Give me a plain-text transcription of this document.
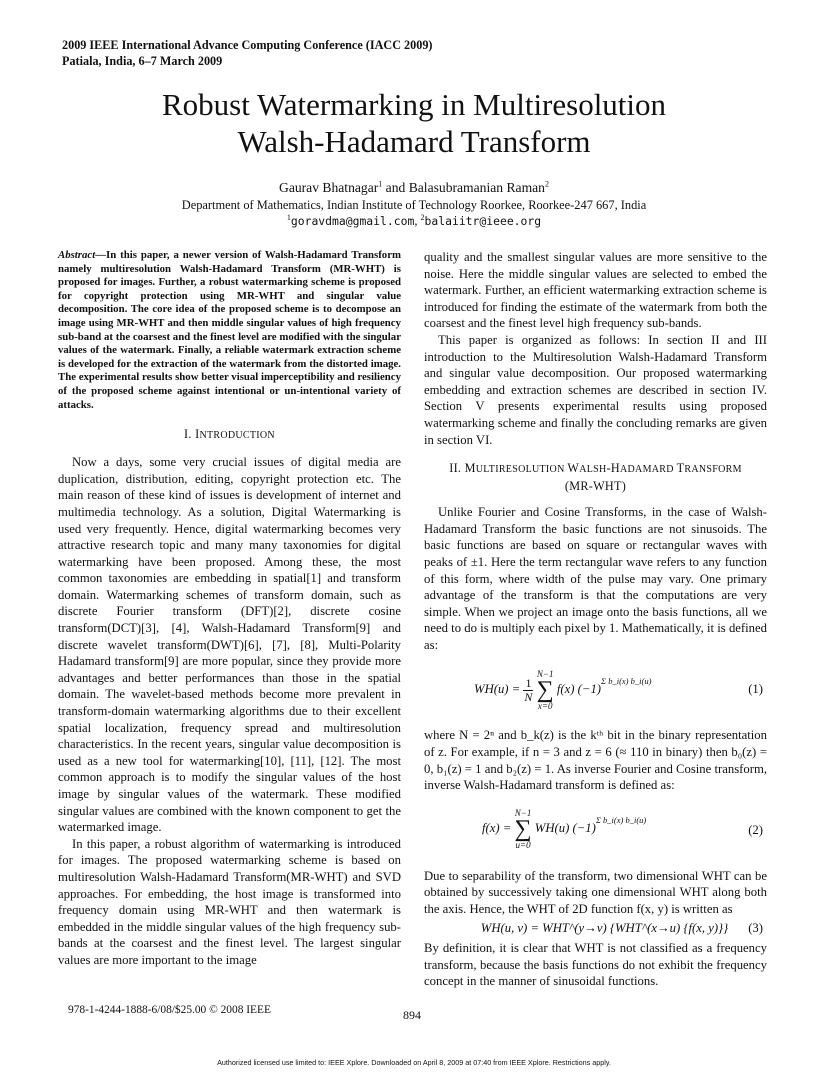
2009 IEEE International Advance Computing Conference (IACC 2009)
Patiala, India, 6–7 March 2009
Robust Watermarking in Multiresolution
Walsh-Hadamard Transform
Gaurav Bhatnagar$^1$ and Balasubramanian Raman$^2$
Department of Mathematics, Indian Institute of Technology Roorkee, Roorkee-247 667, India
$^1$goravdma@gmail.com, $^2$balaiitr@ieee.org

Abstract—In this paper, a newer version of Walsh-Hadamard Transform namely multiresolution Walsh-Hadamard Transform (MR-WHT) is proposed for images. Further, a robust watermarking scheme is proposed for copyright protection using MR-WHT and singular value decomposition. The core idea of the proposed scheme is to decompose an image using MR-WHT and then middle singular values of high frequency sub-band at the coarsest and the finest level are modified with the singular values of the watermark. Finally, a reliable watermark extraction scheme is developed for the extraction of the watermark from the distorted image. The experimental results show better visual imperceptibility and resiliency of the proposed scheme against intentional or un-intentional variety of attacks.

I. INTRODUCTION

Now a days, some very crucial issues of digital media are duplication, distribution, editing, copyright protection etc. The main reason of these kind of issues is development of internet and multimedia technology. As a solution, Digital Watermarking is used very frequently. Hence, digital watermarking becomes very attractive research topic and many many taxonomies for digital watermarking have been proposed. Among these, the most common taxonomies are embedding in spatial[1] and transform domain. Watermarking schemes of transform domain, such as discrete Fourier transform (DFT)[2], discrete cosine transform(DCT)[3], [4], Walsh-Hadamard Transform[9] and discrete wavelet transform(DWT)[6], [7], [8], Multi-Polarity Hadamard transform[9] are more popular, since they provide more advantages and better performances than those in the spatial domain. The wavelet-based methods become more prevalent in transform-domain watermarking algorithms due to their excellent spatial localization, frequency spread and multiresolution characteristics. In the recent years, singular value decomposition is used as a new tool for watermarking[10], [11], [12]. The most common approach is to modify the singular values of the host image by singular values of the watermark. These modified singular values are combined with the known component to get the watermarked image.

In this paper, a robust algorithm of watermarking is introduced for images. The proposed watermarking scheme is based on multiresolution Walsh-Hadamard Transform(MR-WHT) and SVD approaches. For embedding, the host image is transformed into frequency domain using MR-WHT and then watermark is embedded in the middle singular values of the high frequency sub-bands at the coarsest and the finest level. The largest singular values are more important to the image

quality and the smallest singular values are more sensitive to the noise. Here the middle singular values are selected to embed the watermark. Further, an efficient watermarking extraction scheme is introduced for finding the estimate of the watermark from both the coarsest and the finest level high frequency sub-bands.

This paper is organized as follows: In section II and III introduction to the Multiresolution Walsh-Hadamard Transform and singular value decomposition. Our proposed watermarking embedding and extraction schemes are described in section IV. Section V presents experimental results using proposed watermarking scheme and finally the concluding remarks are given in section VI.

II. MULTIRESOLUTION WALSH-HADAMARD TRANSFORM
(MR-WHT)

Unlike Fourier and Cosine Transforms, in the case of Walsh-Hadamard Transform the basic functions are not sinusoids. The basic functions are based on square or rectangular waves with peaks of ±1. Here the term rectangular wave refers to any function of this form, where width of the pulse may vary. One primary advantage of the transform is that the computations are very simple. When we project an image onto the basis functions, all we need to do is multiply each pixel by 1. Mathematically, it is defined as:

$WH(u) = \frac{1}{N}$

N−1
∑
x=0
f(x) $(-1)^{\Sigma b\_i(x) b\_i(u)}$
(1)

where N = 2ⁿ and b_k(z) is the kᵗʰ bit in the binary representation of z. For example, if n = 3 and z = 6 (≈ 110 in binary) then b₀(z) = 0, b₁(z) = 1 and b₂(z) = 1. As inverse Fourier and Cosine transform, inverse Walsh-Hadamard transform is defined as:

f(x) =
N−1
∑
u=0
WH(u) $(-1)^{\Sigma b\_i(x) b\_i(u)}$
(2)

Due to separability of the transform, two dimensional WHT can be obtained by successively taking one dimensional WHT along both the axis. Hence, the WHT of 2D function f(x, y) is written as

WH(u, v) = WHT^(y→v) {WHT^(x→u) {f(x, y)}} (3)

By definition, it is clear that WHT is not classified as a frequency transform, because the basis functions do not exhibit the frequency concept in the manner of sinusoidal functions.

978-1-4244-1888-6/08/$25.00 © 2008 IEEE	894
Authorized licensed use limited to: IEEE Xplore. Downloaded on April 8, 2009 at 07:40 from IEEE Xplore. Restrictions apply.
